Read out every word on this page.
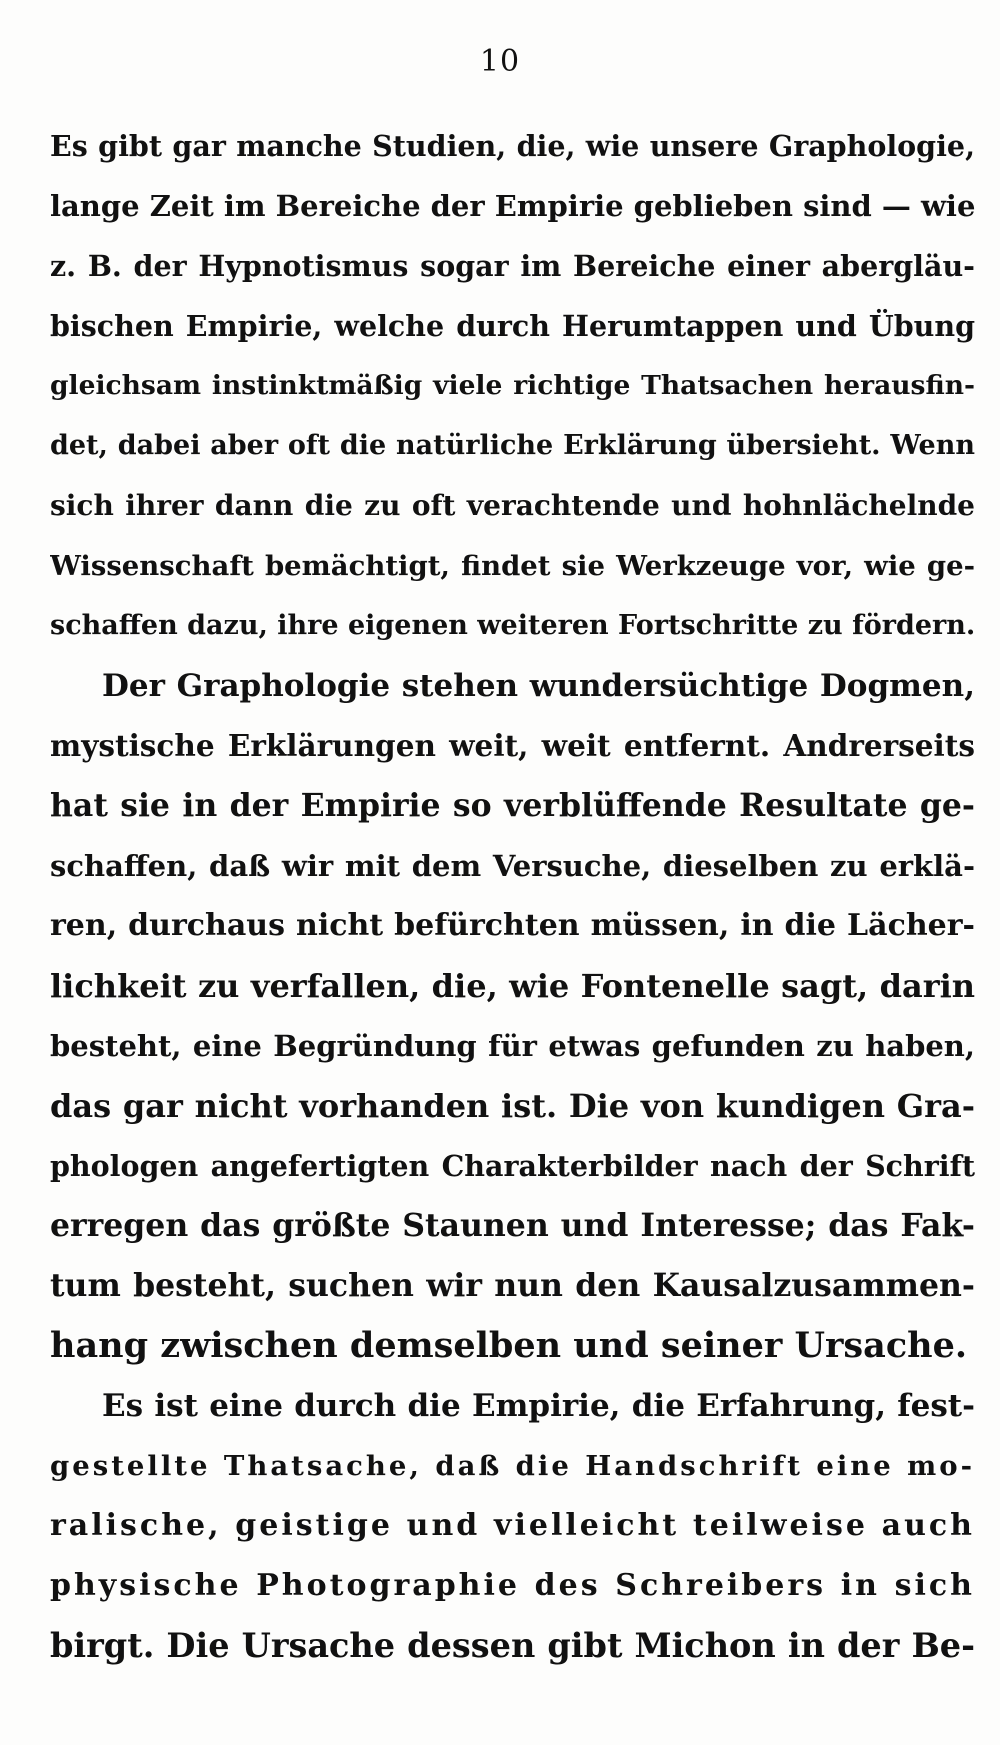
10
Es gibt gar manche Studien, die, wie unsere Graphologie,
lange Zeit im Bereiche der Empirie geblieben sind — wie
z. B. der Hypnotismus sogar im Bereiche einer abergläu-
bischen Empirie, welche durch Herumtappen und Übung
gleichsam instinktmäßig viele richtige Thatsachen herausfin-
det, dabei aber oft die natürliche Erklärung übersieht. Wenn
sich ihrer dann die zu oft verachtende und hohnlächelnde
Wissenschaft bemächtigt, findet sie Werkzeuge vor, wie ge-
schaffen dazu, ihre eigenen weiteren Fortschritte zu fördern.
Der Graphologie stehen wundersüchtige Dogmen,
mystische Erklärungen weit, weit entfernt. Andrerseits
hat sie in der Empirie so verblüffende Resultate ge-
schaffen, daß wir mit dem Versuche, dieselben zu erklä-
ren, durchaus nicht befürchten müssen, in die Lächer-
lichkeit zu verfallen, die, wie Fontenelle sagt, darin
besteht, eine Begründung für etwas gefunden zu haben,
das gar nicht vorhanden ist. Die von kundigen Gra-
phologen angefertigten Charakterbilder nach der Schrift
erregen das größte Staunen und Interesse; das Fak-
tum besteht, suchen wir nun den Kausalzusammen-
hang zwischen demselben und seiner Ursache.
Es ist eine durch die Empirie, die Erfahrung, fest-
gestellte Thatsache, daß die Handschrift eine mo-
ralische, geistige und vielleicht teilweise auch
physische Photographie des Schreibers in sich
birgt. Die Ursache dessen gibt Michon in der Be-
